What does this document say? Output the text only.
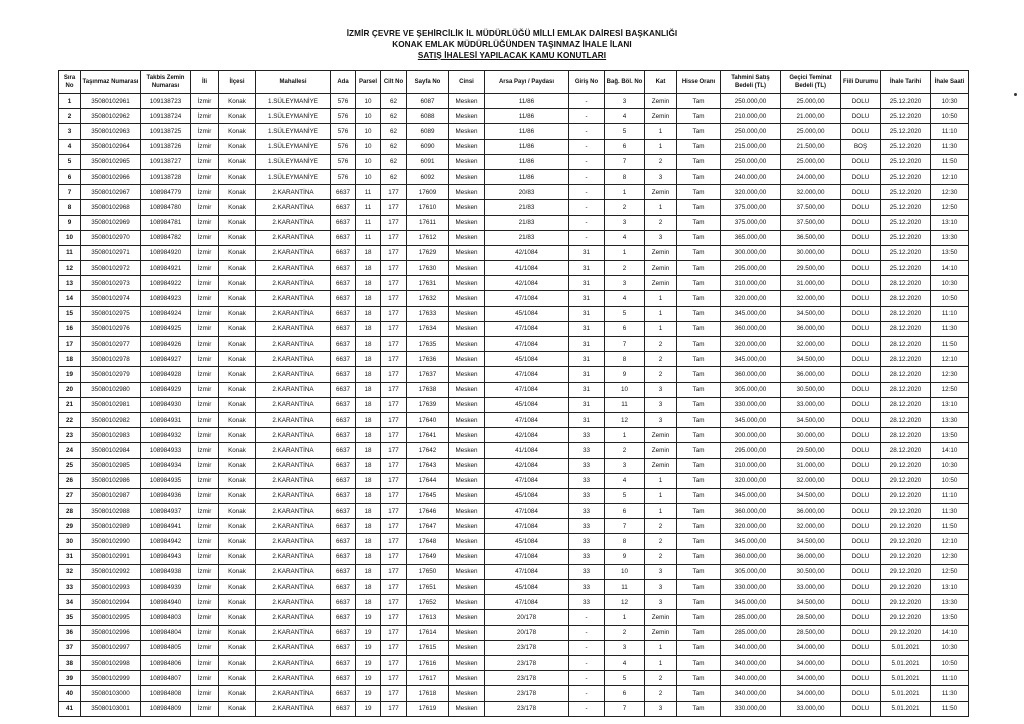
İZMİR ÇEVRE VE ŞEHİRCİLİK İL MÜDÜRLÜĞÜ MİLLİ EMLAK DAİRESİ BAŞKANLIĞI
KONAK EMLAK MÜDÜRLÜĞÜNDEN TAŞINMAZ İHALE İLANI
SATIŞ İHALESİ YAPILACAK KAMU KONUTLARI
Sıra No	Taşınmaz Numarası	Takbis Zemin Numarası	İli	İlçesi	Mahallesi	Ada	Parsel	Cilt No	Sayfa No	Cinsi	Arsa Payı / Paydası	Giriş No	Bağ. Böl. No	Kat	Hisse Oranı	Tahmini Satış Bedeli (TL)	Geçici Teminat Bedeli (TL)	Fiili Durumu	İhale Tarihi	İhale Saati
1	35080102961	109138723	İzmir	Konak	1.SÜLEYMANİYE	576	10	62	6087	Mesken	11/86	-	3	Zemin	Tam	250.000,00	25.000,00	DOLU	25.12.2020	10:30
2	35080102962	109138724	İzmir	Konak	1.SÜLEYMANİYE	576	10	62	6088	Mesken	11/86	-	4	Zemin	Tam	210.000,00	21.000,00	DOLU	25.12.2020	10:50
3	35080102963	109138725	İzmir	Konak	1.SÜLEYMANİYE	576	10	62	6089	Mesken	11/86	-	5	1	Tam	250.000,00	25.000,00	DOLU	25.12.2020	11:10
4	35080102964	109138726	İzmir	Konak	1.SÜLEYMANİYE	576	10	62	6090	Mesken	11/86	-	6	1	Tam	215.000,00	21.500,00	BOŞ	25.12.2020	11:30
5	35080102965	109138727	İzmir	Konak	1.SÜLEYMANİYE	576	10	62	6091	Mesken	11/86	-	7	2	Tam	250.000,00	25.000,00	DOLU	25.12.2020	11:50
6	35080102966	109138728	İzmir	Konak	1.SÜLEYMANİYE	576	10	62	6092	Mesken	11/86	-	8	3	Tam	240.000,00	24.000,00	DOLU	25.12.2020	12:10
7	35080102967	108984779	İzmir	Konak	2.KARANTİNA	6637	11	177	17609	Mesken	20/83	-	1	Zemin	Tam	320.000,00	32.000,00	DOLU	25.12.2020	12:30
8	35080102968	108984780	İzmir	Konak	2.KARANTİNA	6637	11	177	17610	Mesken	21/83	-	2	1	Tam	375.000,00	37.500,00	DOLU	25.12.2020	12:50
9	35080102969	108984781	İzmir	Konak	2.KARANTİNA	6637	11	177	17611	Mesken	21/83	-	3	2	Tam	375.000,00	37.500,00	DOLU	25.12.2020	13:10
10	35080102970	108984782	İzmir	Konak	2.KARANTİNA	6637	11	177	17612	Mesken	21/83	-	4	3	Tam	365.000,00	36.500,00	DOLU	25.12.2020	13:30
11	35080102971	108984920	İzmir	Konak	2.KARANTİNA	6637	18	177	17629	Mesken	42/1084	31	1	Zemin	Tam	300.000,00	30.000,00	DOLU	25.12.2020	13:50
12	35080102972	108984921	İzmir	Konak	2.KARANTİNA	6637	18	177	17630	Mesken	41/1084	31	2	Zemin	Tam	295.000,00	29.500,00	DOLU	25.12.2020	14:10
13	35080102973	108984922	İzmir	Konak	2.KARANTİNA	6637	18	177	17631	Mesken	42/1084	31	3	Zemin	Tam	310.000,00	31.000,00	DOLU	28.12.2020	10:30
14	35080102974	108984923	İzmir	Konak	2.KARANTİNA	6637	18	177	17632	Mesken	47/1084	31	4	1	Tam	320.000,00	32.000,00	DOLU	28.12.2020	10:50
15	35080102975	108984924	İzmir	Konak	2.KARANTİNA	6637	18	177	17633	Mesken	45/1084	31	5	1	Tam	345.000,00	34.500,00	DOLU	28.12.2020	11:10
16	35080102976	108984925	İzmir	Konak	2.KARANTİNA	6637	18	177	17634	Mesken	47/1084	31	6	1	Tam	360.000,00	36.000,00	DOLU	28.12.2020	11:30
17	35080102977	108984926	İzmir	Konak	2.KARANTİNA	6637	18	177	17635	Mesken	47/1084	31	7	2	Tam	320.000,00	32.000,00	DOLU	28.12.2020	11:50
18	35080102978	108984927	İzmir	Konak	2.KARANTİNA	6637	18	177	17636	Mesken	45/1084	31	8	2	Tam	345.000,00	34.500,00	DOLU	28.12.2020	12:10
19	35080102979	108984928	İzmir	Konak	2.KARANTİNA	6637	18	177	17637	Mesken	47/1084	31	9	2	Tam	360.000,00	36.000,00	DOLU	28.12.2020	12:30
20	35080102980	108984929	İzmir	Konak	2.KARANTİNA	6637	18	177	17638	Mesken	47/1084	31	10	3	Tam	305.000,00	30.500,00	DOLU	28.12.2020	12:50
21	35080102981	108984930	İzmir	Konak	2.KARANTİNA	6637	18	177	17639	Mesken	45/1084	31	11	3	Tam	330.000,00	33.000,00	DOLU	28.12.2020	13:10
22	35080102982	108984931	İzmir	Konak	2.KARANTİNA	6637	18	177	17640	Mesken	47/1084	31	12	3	Tam	345.000,00	34.500,00	DOLU	28.12.2020	13:30
23	35080102983	108984932	İzmir	Konak	2.KARANTİNA	6637	18	177	17641	Mesken	42/1084	33	1	Zemin	Tam	300.000,00	30.000,00	DOLU	28.12.2020	13:50
24	35080102984	108984933	İzmir	Konak	2.KARANTİNA	6637	18	177	17642	Mesken	41/1084	33	2	Zemin	Tam	295.000,00	29.500,00	DOLU	28.12.2020	14:10
25	35080102985	108984934	İzmir	Konak	2.KARANTİNA	6637	18	177	17643	Mesken	42/1084	33	3	Zemin	Tam	310.000,00	31.000,00	DOLU	29.12.2020	10:30
26	35080102986	108984935	İzmir	Konak	2.KARANTİNA	6637	18	177	17644	Mesken	47/1084	33	4	1	Tam	320.000,00	32.000,00	DOLU	29.12.2020	10:50
27	35080102987	108984936	İzmir	Konak	2.KARANTİNA	6637	18	177	17645	Mesken	45/1084	33	5	1	Tam	345.000,00	34.500,00	DOLU	29.12.2020	11:10
28	35080102988	108984937	İzmir	Konak	2.KARANTİNA	6637	18	177	17646	Mesken	47/1084	33	6	1	Tam	360.000,00	36.000,00	DOLU	29.12.2020	11:30
29	35080102989	108984941	İzmir	Konak	2.KARANTİNA	6637	18	177	17647	Mesken	47/1084	33	7	2	Tam	320.000,00	32.000,00	DOLU	29.12.2020	11:50
30	35080102990	108984942	İzmir	Konak	2.KARANTİNA	6637	18	177	17648	Mesken	45/1084	33	8	2	Tam	345.000,00	34.500,00	DOLU	29.12.2020	12:10
31	35080102991	108984943	İzmir	Konak	2.KARANTİNA	6637	18	177	17649	Mesken	47/1084	33	9	2	Tam	360.000,00	36.000,00	DOLU	29.12.2020	12:30
32	35080102992	108984938	İzmir	Konak	2.KARANTİNA	6637	18	177	17650	Mesken	47/1084	33	10	3	Tam	305.000,00	30.500,00	DOLU	29.12.2020	12:50
33	35080102993	108984939	İzmir	Konak	2.KARANTİNA	6637	18	177	17651	Mesken	45/1084	33	11	3	Tam	330.000,00	33.000,00	DOLU	29.12.2020	13:10
34	35080102994	108984940	İzmir	Konak	2.KARANTİNA	6637	18	177	17652	Mesken	47/1084	33	12	3	Tam	345.000,00	34.500,00	DOLU	29.12.2020	13:30
35	35080102995	108984803	İzmir	Konak	2.KARANTİNA	6637	19	177	17613	Mesken	20/178	-	1	Zemin	Tam	285.000,00	28.500,00	DOLU	29.12.2020	13:50
36	35080102996	108984804	İzmir	Konak	2.KARANTİNA	6637	19	177	17614	Mesken	20/178	-	2	Zemin	Tam	285.000,00	28.500,00	DOLU	29.12.2020	14:10
37	35080102997	108984805	İzmir	Konak	2.KARANTİNA	6637	19	177	17615	Mesken	23/178	-	3	1	Tam	340.000,00	34.000,00	DOLU	5.01.2021	10:30
38	35080102998	108984806	İzmir	Konak	2.KARANTİNA	6637	19	177	17616	Mesken	23/178	-	4	1	Tam	340.000,00	34.000,00	DOLU	5.01.2021	10:50
39	35080102999	108984807	İzmir	Konak	2.KARANTİNA	6637	19	177	17617	Mesken	23/178	-	5	2	Tam	340.000,00	34.000,00	DOLU	5.01.2021	11:10
40	35080103000	108984808	İzmir	Konak	2.KARANTİNA	6637	19	177	17618	Mesken	23/178	-	6	2	Tam	340.000,00	34.000,00	DOLU	5.01.2021	11:30
41	35080103001	108984809	İzmir	Konak	2.KARANTİNA	6637	19	177	17619	Mesken	23/178	-	7	3	Tam	330.000,00	33.000,00	DOLU	5.01.2021	11:50
